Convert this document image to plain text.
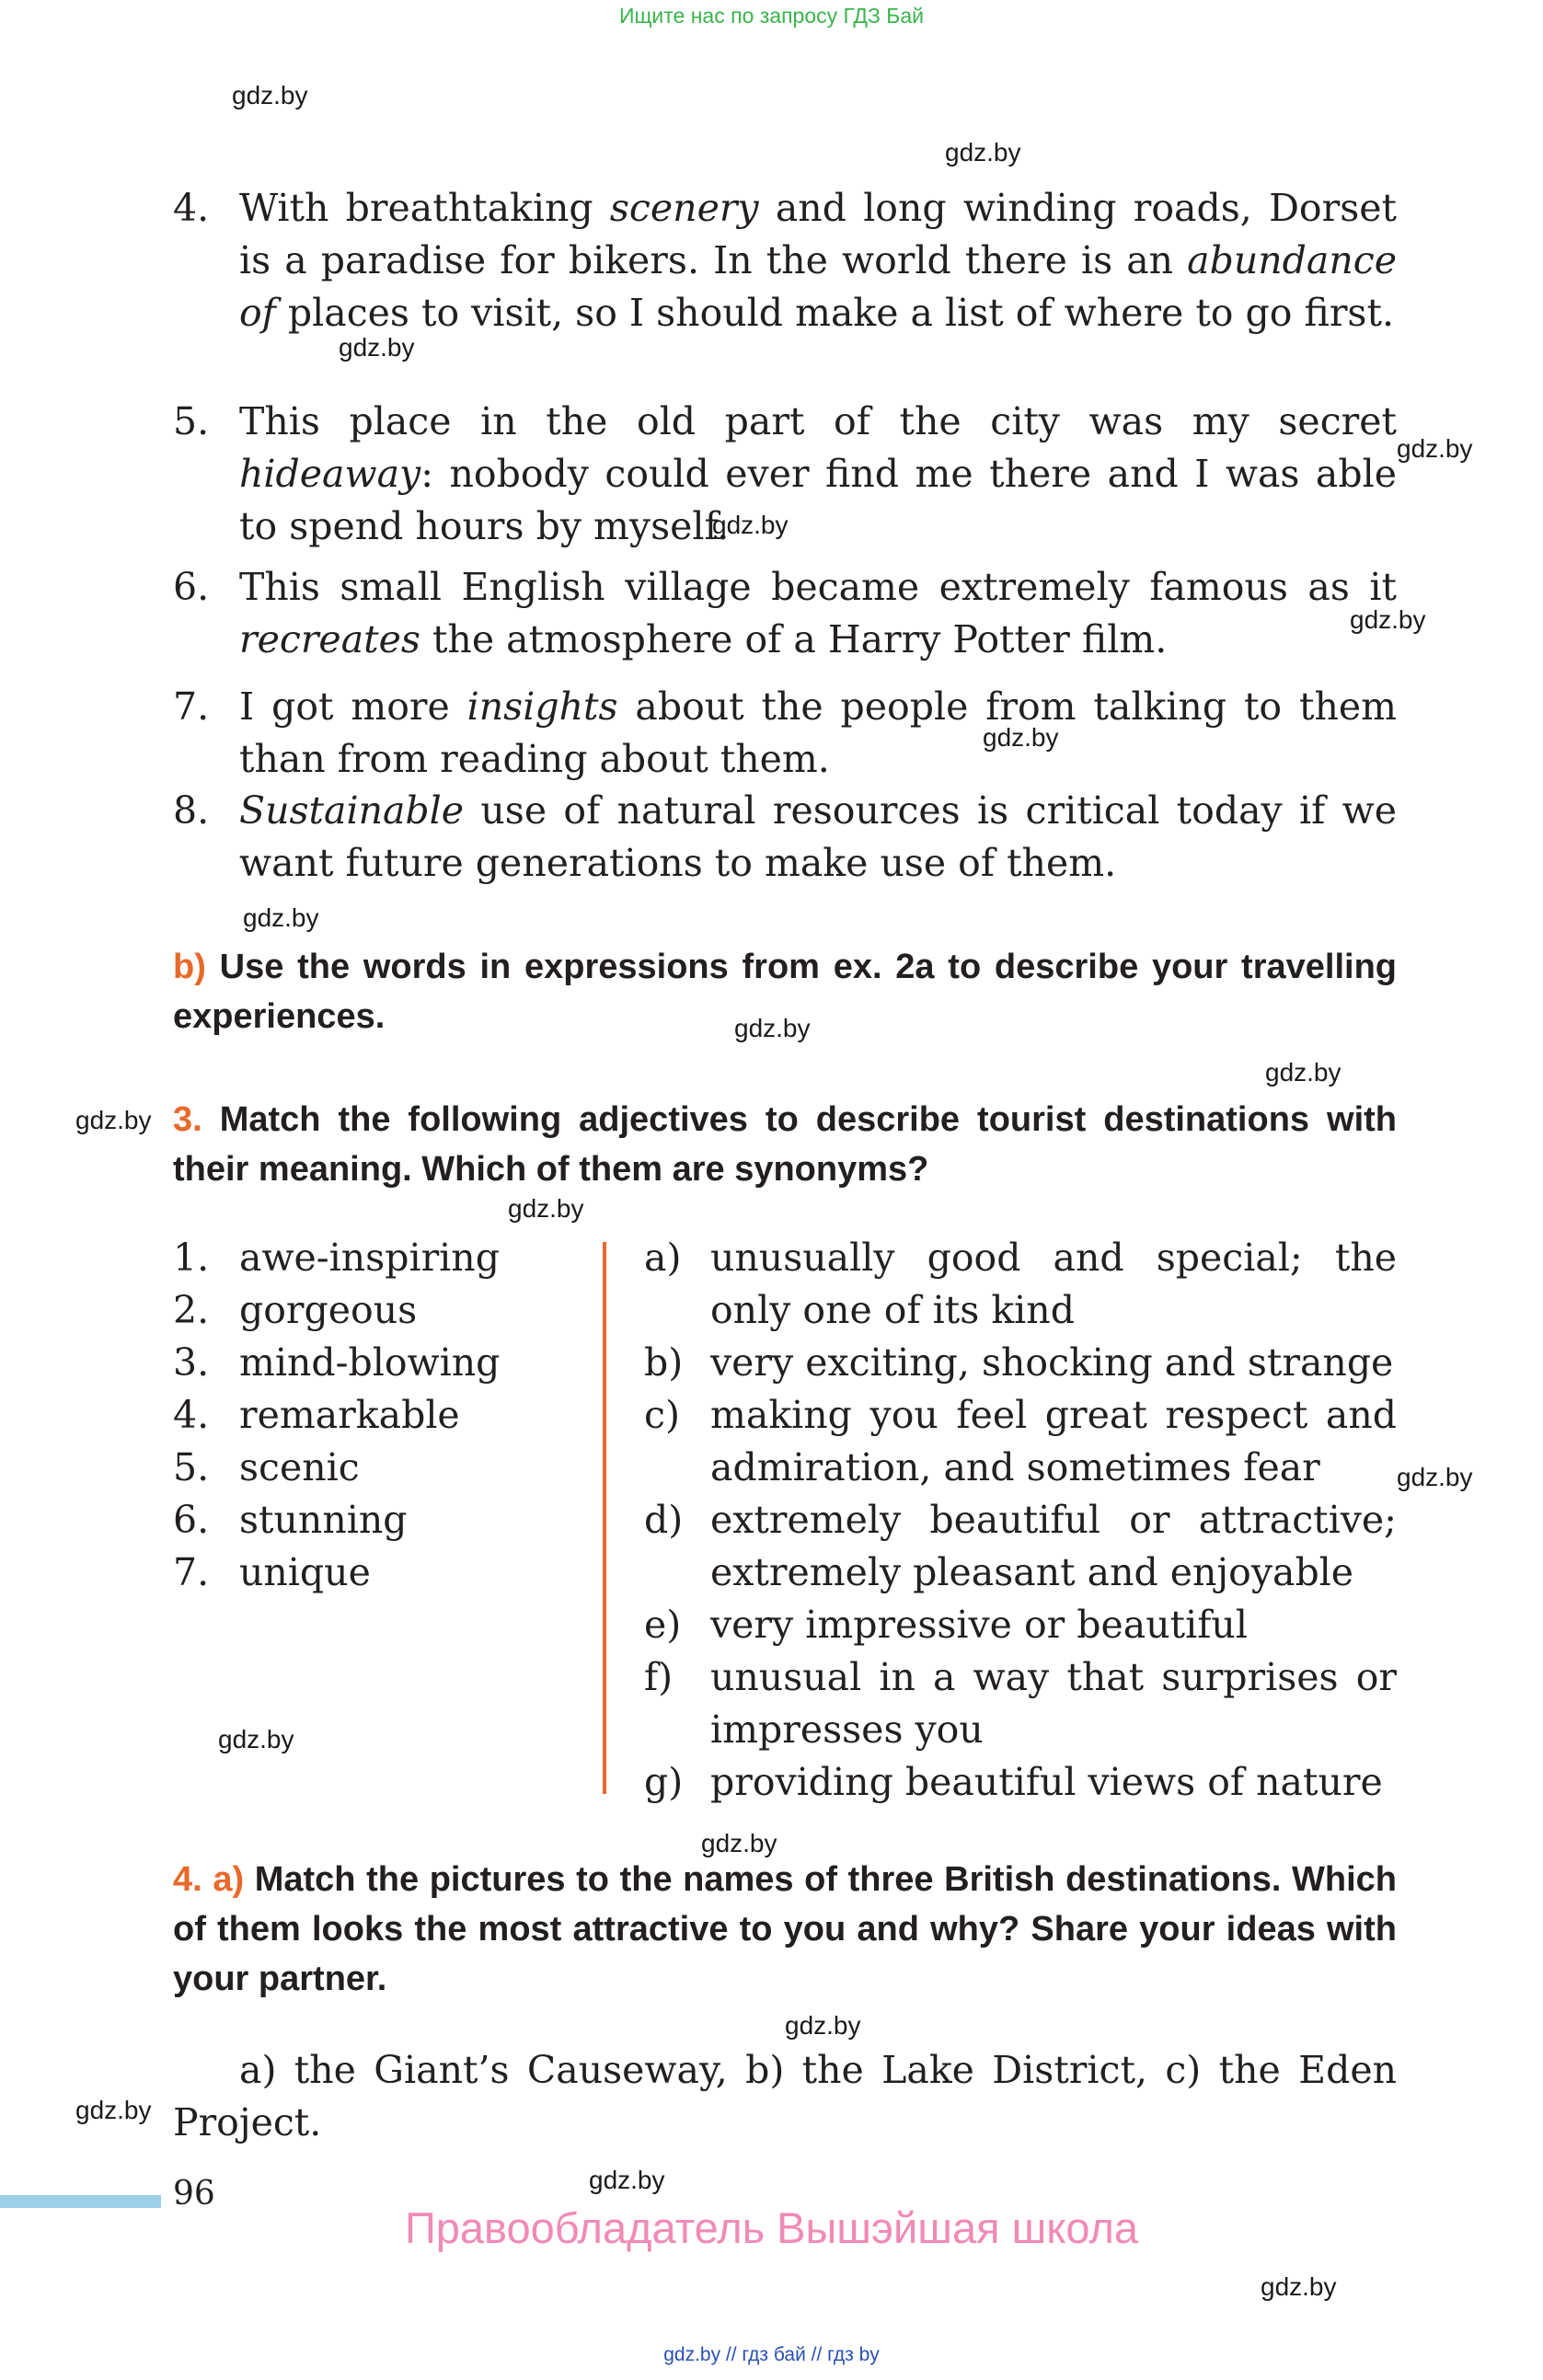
Ищите нас по запросу ГДЗ Бай
4. With breathtaking scenery and long winding roads, Dorset is a paradise for bikers. In the world there is an abundance of places to visit, so I should make a list of where to go first.
5. This place in the old part of the city was my secret hideaway: nobody could ever find me there and I was able to spend hours by myself.
6. This small English village became extremely famous as it recreates the atmosphere of a Harry Potter film.
7. I got more insights about the people from talking to them than from reading about them.
8. Sustainable use of natural resources is critical today if we want future generations to make use of them.
b) Use the words in expressions from ex. 2a to describe your travelling experiences.
3. Match the following adjectives to describe tourist destinations with their meaning. Which of them are synonyms?
1. awe-inspiring
2. gorgeous
3. mind-blowing
4. remarkable
5. scenic
6. stunning
7. unique
a) unusually good and special; the only one of its kind
b) very exciting, shocking and strange
c) making you feel great respect and admiration, and sometimes fear
d) extremely beautiful or attractive; extremely pleasant and enjoyable
e) very impressive or beautiful
f) unusual in a way that surprises or impresses you
g) providing beautiful views of nature
4. a) Match the pictures to the names of three British destinations. Which of them looks the most attractive to you and why? Share your ideas with your partner.
a) the Giant’s Causeway, b) the Lake District, c) the Eden Project.
96
Правообладатель Вышэйшая школа
gdz.by // гдз бай // гдз by
gdz.by
gdz.by
gdz.by
gdz.by
gdz.by
gdz.by
gdz.by
gdz.by
gdz.by
gdz.by
gdz.by
gdz.by
gdz.by
gdz.by
gdz.by
gdz.by
gdz.by
gdz.by
gdz.by
